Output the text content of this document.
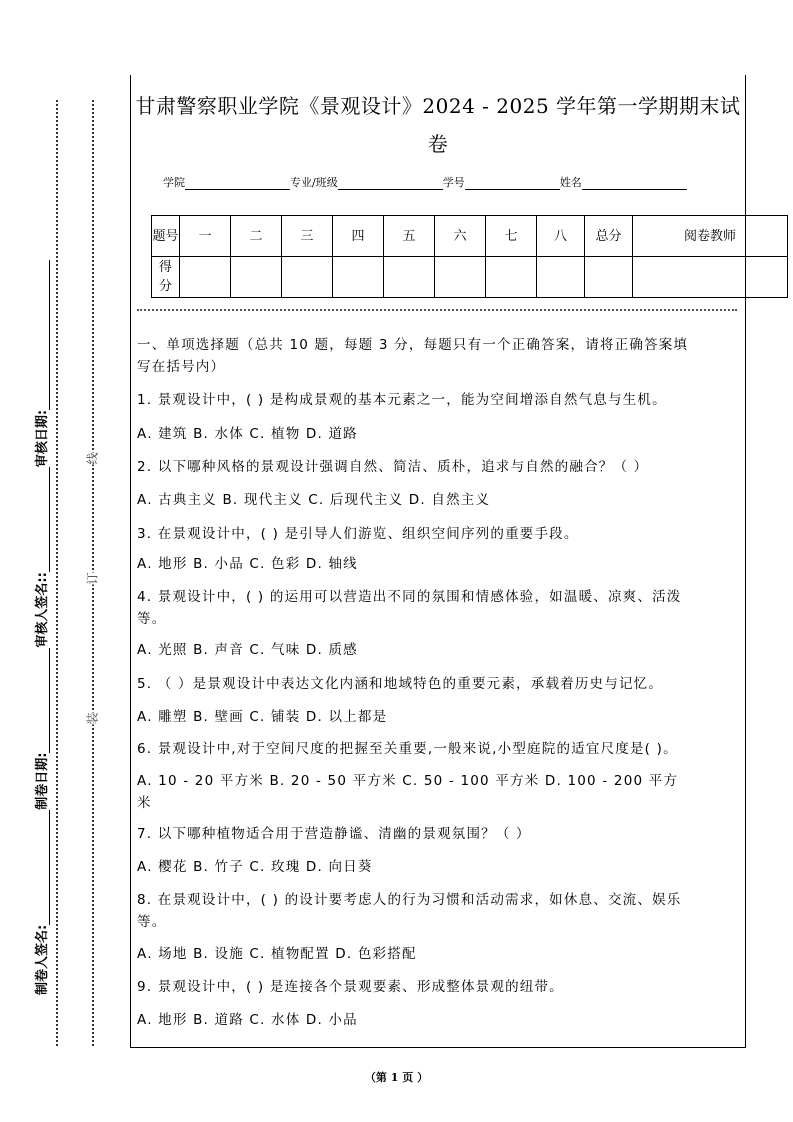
线
订
装
制卷人签名:
制卷日期:
审核人签名::
审核日期:
甘肃警察职业学院《景观设计》2024 - 2025 学年第一学期期末试
卷
学院	专业/班级	学号	姓名
题号	一	二	三	四	五	六	七	八	总分	阅卷教师
得分										
一、单项选择题（总共 10 题，每题 3 分，每题只有一个正确答案，请将正确答案填
写在括号内）
1. 景观设计中，( ) 是构成景观的基本元素之一，能为空间增添自然气息与生机。
A. 建筑 B. 水体 C. 植物 D. 道路
2. 以下哪种风格的景观设计强调自然、简洁、质朴，追求与自然的融合？（ ）
A. 古典主义 B. 现代主义 C. 后现代主义 D. 自然主义
3. 在景观设计中，( ) 是引导人们游览、组织空间序列的重要手段。
A. 地形 B. 小品 C. 色彩 D. 轴线
4. 景观设计中，( ) 的运用可以营造出不同的氛围和情感体验，如温暖、凉爽、活泼
等。
A. 光照 B. 声音 C. 气味 D. 质感
5. （ ）是景观设计中表达文化内涵和地域特色的重要元素，承载着历史与记忆。
A. 雕塑 B. 壁画 C. 铺装 D. 以上都是
6. 景观设计中,对于空间尺度的把握至关重要,一般来说,小型庭院的适宜尺度是( )。
A. 10 - 20 平方米 B. 20 - 50 平方米 C. 50 - 100 平方米 D. 100 - 200 平方
米
7. 以下哪种植物适合用于营造静谧、清幽的景观氛围？（ ）
A. 樱花 B. 竹子 C. 玫瑰 D. 向日葵
8. 在景观设计中，( ) 的设计要考虑人的行为习惯和活动需求，如休息、交流、娱乐
等。
A. 场地 B. 设施 C. 植物配置 D. 色彩搭配
9. 景观设计中，( ) 是连接各个景观要素、形成整体景观的纽带。
A. 地形 B. 道路 C. 水体 D. 小品
（第 1 页 ）
